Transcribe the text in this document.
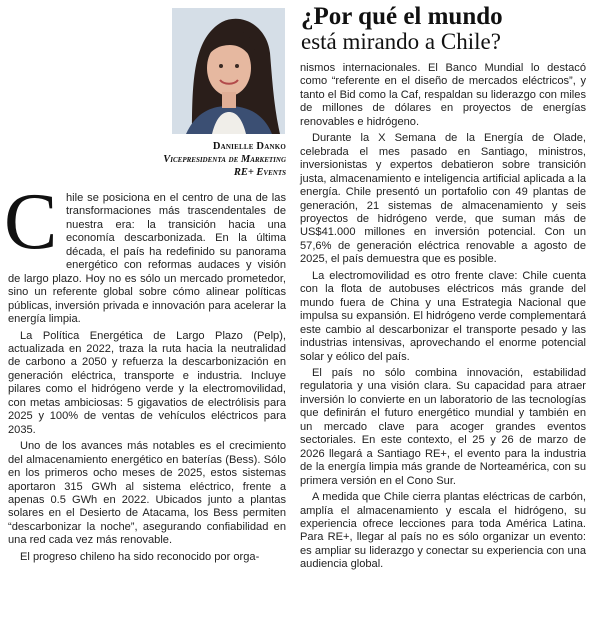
Danielle Danko
Vicepresidenta de Marketing
RE+ Events
¿Por qué el mundo
está mirando a Chile?

Chile se posiciona en el centro de una de las transformaciones más trascendentales de nuestra era: la transición hacia una economía descarbonizada. En la última década, el país ha redefinido su panorama energético con reformas audaces y visión de largo plazo. Hoy no es sólo un mercado prometedor, sino un referente global sobre cómo alinear políticas públicas, inversión privada e innovación para acelerar la energía limpia.

La Política Energética de Largo Plazo (Pelp), actualizada en 2022, traza la ruta hacia la neutralidad de carbono a 2050 y refuerza la descarbonización en generación eléctrica, transporte e industria. Incluye pilares como el hidrógeno verde y la electromovilidad, con metas ambiciosas: 5 gigavatios de electrólisis para 2025 y 100% de ventas de vehículos eléctricos para 2035.

Uno de los avances más notables es el crecimiento del almacenamiento energético en baterías (Bess). Sólo en los primeros ocho meses de 2025, estos sistemas aportaron 315 GWh al sistema eléctrico, frente a apenas 0.5 GWh en 2022. Ubicados junto a plantas solares en el Desierto de Atacama, los Bess permiten “descarbonizar la noche”, asegurando confiabilidad en una red cada vez más renovable.

El progreso chileno ha sido reconocido por orga-

nismos internacionales. El Banco Mundial lo destacó como “referente en el diseño de mercados eléctricos”, y tanto el Bid como la Caf, respaldan su liderazgo con miles de millones de dólares en proyectos de energías renovables e hidrógeno.

Durante la X Semana de la Energía de Olade, celebrada el mes pasado en Santiago, ministros, inversionistas y expertos debatieron sobre transición justa, almacenamiento e inteligencia artificial aplicada a la energía. Chile presentó un portafolio con 49 plantas de generación, 21 sistemas de almacenamiento y seis proyectos de hidrógeno verde, que suman más de US$41.000 millones en inversión potencial. Con un 57,6% de generación eléctrica renovable a agosto de 2025, el país demuestra que es posible.

La electromovilidad es otro frente clave: Chile cuenta con la flota de autobuses eléctricos más grande del mundo fuera de China y una Estrategia Nacional que impulsa su expansión. El hidrógeno verde complementará este cambio al descarbonizar el transporte pesado y las industrias intensivas, aprovechando el enorme potencial solar y eólico del país.

El país no sólo combina innovación, estabilidad regulatoria y una visión clara. Su capacidad para atraer inversión lo convierte en un laboratorio de las tecnologías que definirán el futuro energético mundial y también en un mercado clave para acoger grandes eventos sectoriales. En este contexto, el 25 y 26 de marzo de 2026 llegará a Santiago RE+, el evento para la industria de la energía limpia más grande de Norteamérica, con su primera versión en el Cono Sur.

A medida que Chile cierra plantas eléctricas de carbón, amplía el almacenamiento y escala el hidrógeno, su experiencia ofrece lecciones para toda América Latina. Para RE+, llegar al país no es sólo organizar un evento: es ampliar su liderazgo y conectar su experiencia con una audiencia global.
